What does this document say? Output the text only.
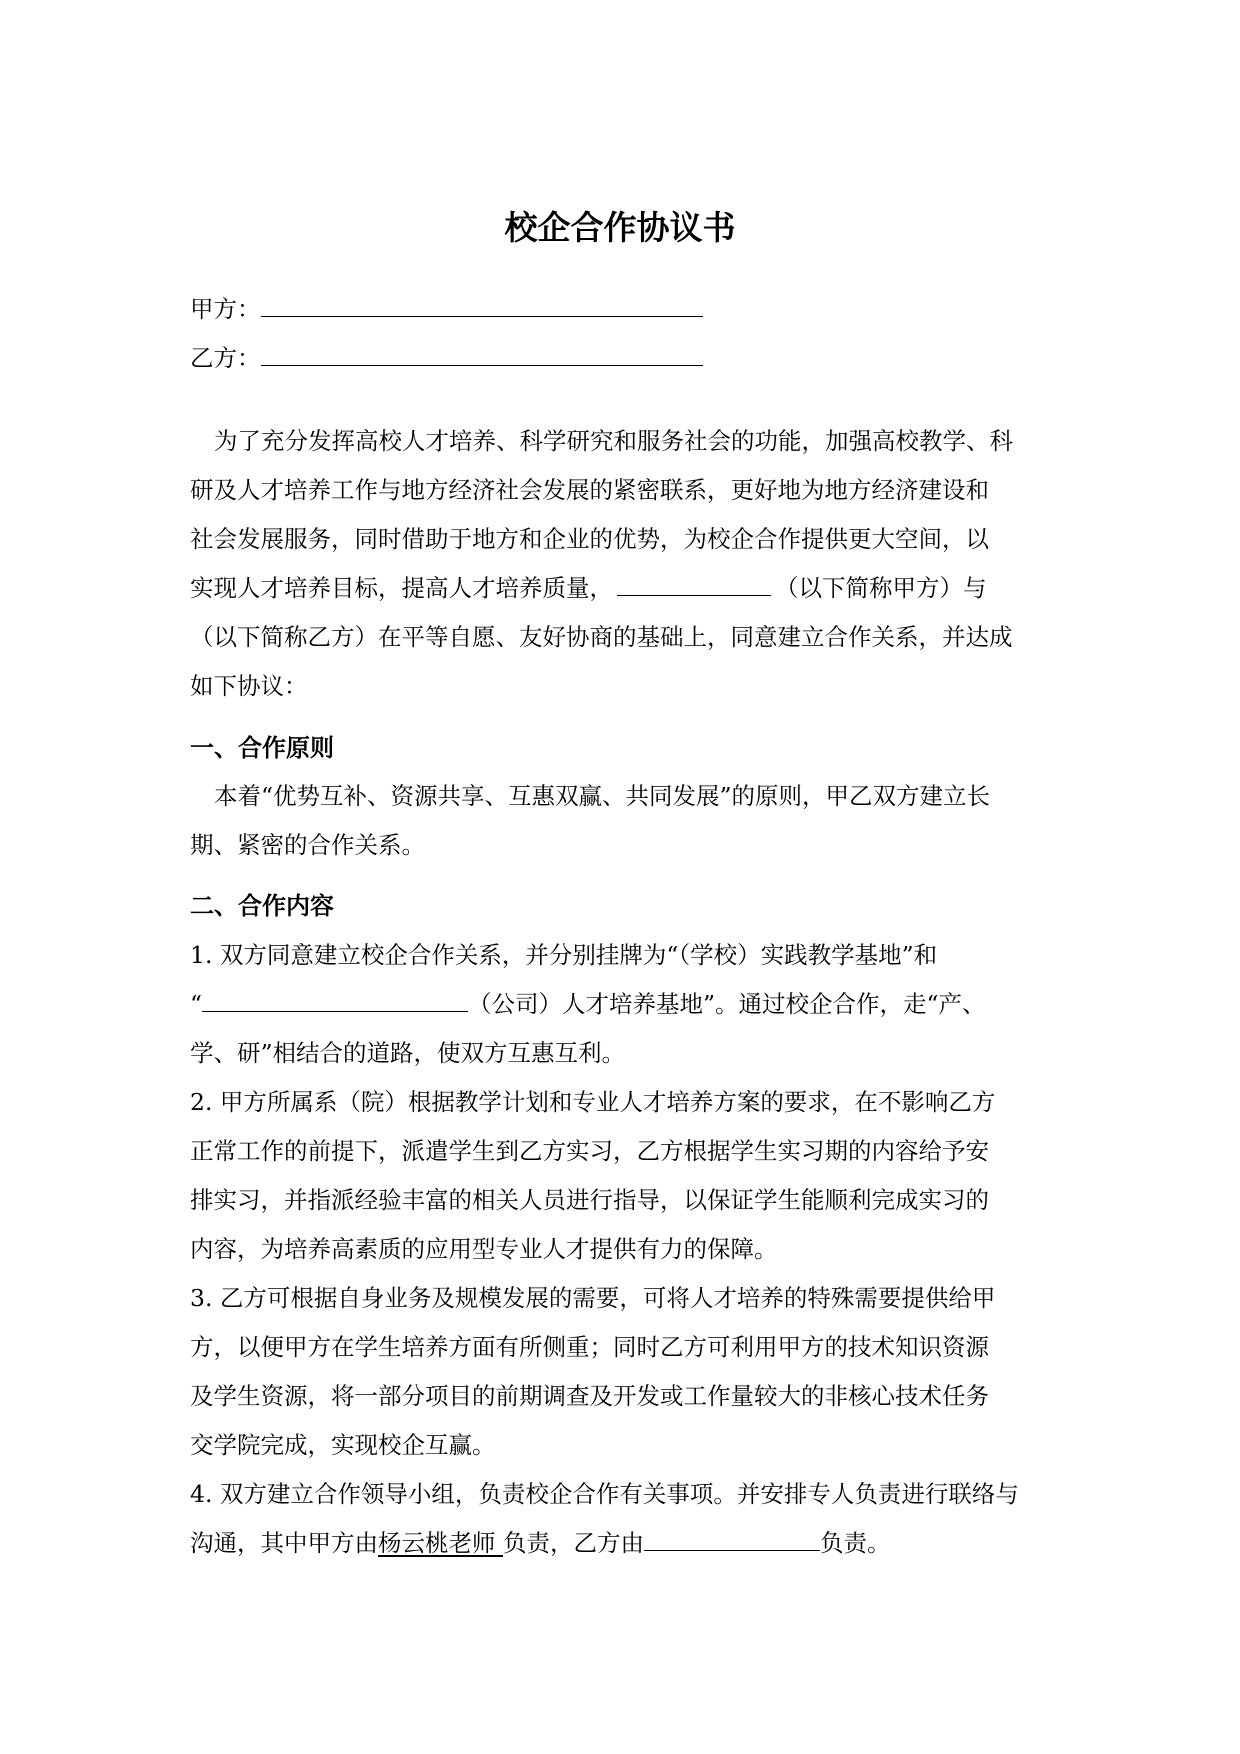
校企合作协议书
甲方：
乙方：
为了充分发挥高校人才培养、科学研究和服务社会的功能，加强高校教学、科
研及人才培养工作与地方经济社会发展的紧密联系，更好地为地方经济建设和
社会发展服务，同时借助于地方和企业的优势，为校企合作提供更大空间，以
实现人才培养目标，提高人才培养质量，	（以下简称甲方）与
（以下简称乙方）在平等自愿、友好协商的基础上，同意建立合作关系，并达成
如下协议：
一、合作原则
本着“优势互补、资源共享、互惠双赢、共同发展”的原则，甲乙双方建立长
期、紧密的合作关系。
二、合作内容
1. 双方同意建立校企合作关系，并分别挂牌为“（学校）实践教学基地”和
“	（公司）人才培养基地”。通过校企合作，走“产、
学、研”相结合的道路，使双方互惠互利。
2. 甲方所属系（院）根据教学计划和专业人才培养方案的要求，在不影响乙方
正常工作的前提下，派遣学生到乙方实习，乙方根据学生实习期的内容给予安
排实习，并指派经验丰富的相关人员进行指导，以保证学生能顺利完成实习的
内容，为培养高素质的应用型专业人才提供有力的保障。
3. 乙方可根据自身业务及规模发展的需要，可将人才培养的特殊需要提供给甲
方，以便甲方在学生培养方面有所侧重；同时乙方可利用甲方的技术知识资源
及学生资源，将一部分项目的前期调查及开发或工作量较大的非核心技术任务
交学院完成，实现校企互赢。
4. 双方建立合作领导小组，负责校企合作有关事项。并安排专人负责进行联络与
沟通，其中甲方由杨云桃老师 负责，乙方由	负责。
